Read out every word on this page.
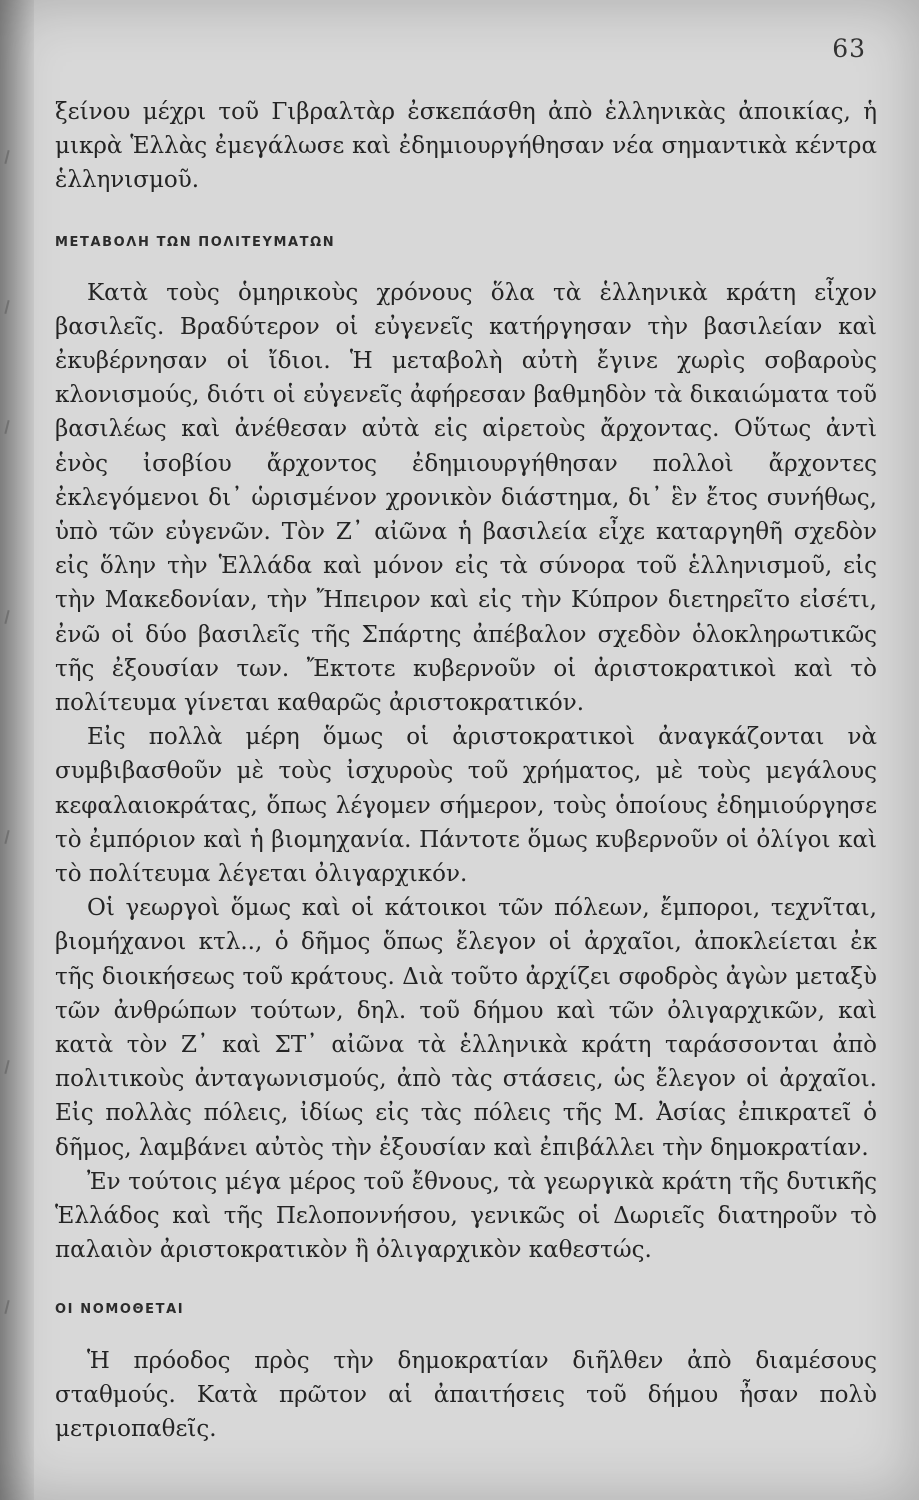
63

ξείνου μέχρι τοῦ Γιβραλτὰρ ἐσκεπάσθη ἀπὸ ἑλληνικὰς ἀποικίας, ἡ μικρὰ Ἑλλὰς ἐμεγάλωσε καὶ ἐδημιουργήθησαν νέα σημαντικὰ κέντρα ἑλληνισμοῦ.

ΜΕΤΑΒΟΛΗ ΤΩΝ ΠΟΛΙΤΕΥΜΑΤΩΝ

Κατὰ τοὺς ὁμηρικοὺς χρόνους ὅλα τὰ ἑλληνικὰ κράτη εἶχον βασιλεῖς. Βραδύτερον οἱ εὐγενεῖς κατήργησαν τὴν βασιλείαν καὶ ἐκυβέρνησαν οἱ ἴδιοι. Ἡ μεταβολὴ αὐτὴ ἔγινε χωρὶς σοβαροὺς κλονισμούς, διότι οἱ εὐγενεῖς ἀφήρεσαν βαθμηδὸν τὰ δικαιώματα τοῦ βασιλέως καὶ ἀνέθεσαν αὐτὰ εἰς αἱρετοὺς ἄρχοντας. Οὕτως ἀντὶ ἑνὸς ἰσοβίου ἄρχοντος ἐδημιουργήθησαν πολλοὶ ἄρχοντες ἐκλεγόμενοι δι᾽ ὡρισμένον χρονικὸν διάστημα, δι᾽ ἓν ἔτος συνήθως, ὑπὸ τῶν εὐγενῶν. Τὸν Ζ᾽ αἰῶνα ἡ βασιλεία εἶχε καταργηθῆ σχεδὸν εἰς ὅλην τὴν Ἑλλάδα καὶ μόνον εἰς τὰ σύνορα τοῦ ἑλληνισμοῦ, εἰς τὴν Μακεδονίαν, τὴν Ἤπειρον καὶ εἰς τὴν Κύπρον διετηρεῖτο εἰσέτι, ἐνῶ οἱ δύο βασιλεῖς τῆς Σπάρτης ἀπέβαλον σχεδὸν ὁλοκληρωτικῶς τῆς ἐξουσίαν των. Ἔκτοτε κυβερνοῦν οἱ ἀριστοκρατικοὶ καὶ τὸ πολίτευμα γίνεται καθαρῶς ἀριστοκρατικόν.

Εἰς πολλὰ μέρη ὅμως οἱ ἀριστοκρατικοὶ ἀναγκάζονται νὰ συμβιβασθοῦν μὲ τοὺς ἰσχυροὺς τοῦ χρήματος, μὲ τοὺς μεγάλους κεφαλαιοκράτας, ὅπως λέγομεν σήμερον, τοὺς ὁποίους ἐδημιούργησε τὸ ἐμπόριον καὶ ἡ βιομηχανία. Πάντοτε ὅμως κυβερνοῦν οἱ ὀλίγοι καὶ τὸ πολίτευμα λέγεται ὀλιγαρχικόν.

Οἱ γεωργοὶ ὅμως καὶ οἱ κάτοικοι τῶν πόλεων, ἔμποροι, τεχνῖται, βιομήχανοι κτλ.., ὁ δῆμος ὅπως ἔλεγον οἱ ἀρχαῖοι, ἀποκλείεται ἐκ τῆς διοικήσεως τοῦ κράτους. Διὰ τοῦτο ἀρχίζει σφοδρὸς ἀγὼν μεταξὺ τῶν ἀνθρώπων τούτων, δηλ. τοῦ δήμου καὶ τῶν ὀλιγαρχικῶν, καὶ κατὰ τὸν Ζ᾽ καὶ ΣΤ᾽ αἰῶνα τὰ ἑλληνικὰ κράτη ταράσσονται ἀπὸ πολιτικοὺς ἀνταγωνισμούς, ἀπὸ τὰς στάσεις, ὡς ἔλεγον οἱ ἀρχαῖοι. Εἰς πολλὰς πόλεις, ἰδίως εἰς τὰς πόλεις τῆς Μ. Ἀσίας ἐπικρατεῖ ὁ δῆμος, λαμβάνει αὐτὸς τὴν ἐξουσίαν καὶ ἐπιβάλλει τὴν δημοκρατίαν.

Ἐν τούτοις μέγα μέρος τοῦ ἔθνους, τὰ γεωργικὰ κράτη τῆς δυτικῆς Ἑλλάδος καὶ τῆς Πελοποννήσου, γενικῶς οἱ Δωριεῖς διατηροῦν τὸ παλαιὸν ἀριστοκρατικὸν ἢ ὀλιγαρχικὸν καθεστώς.

ΟΙ ΝΟΜΟΘΕΤΑΙ

Ἡ πρόοδος πρὸς τὴν δημοκρατίαν διῆλθεν ἀπὸ διαμέσους σταθμούς. Κατὰ πρῶτον αἱ ἀπαιτήσεις τοῦ δήμου ἦσαν πολὺ μετριοπαθεῖς.
